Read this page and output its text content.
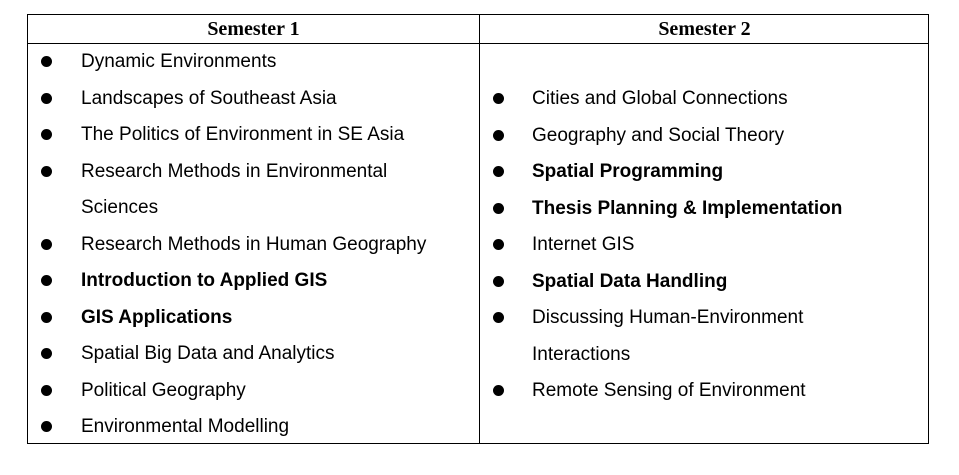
Semester 1	Semester 2
Dynamic Environments
Landscapes of Southeast Asia
The Politics of Environment in SE Asia
Research Methods in Environmental Sciences
Research Methods in Human Geography
Introduction to Applied GIS
GIS Applications
Spatial Big Data and Analytics
Political Geography
Environmental Modelling
Cities and Global Connections
Geography and Social Theory
Spatial Programming
Thesis Planning & Implementation
Internet GIS
Spatial Data Handling
Discussing Human-Environment Interactions
Remote Sensing of Environment
